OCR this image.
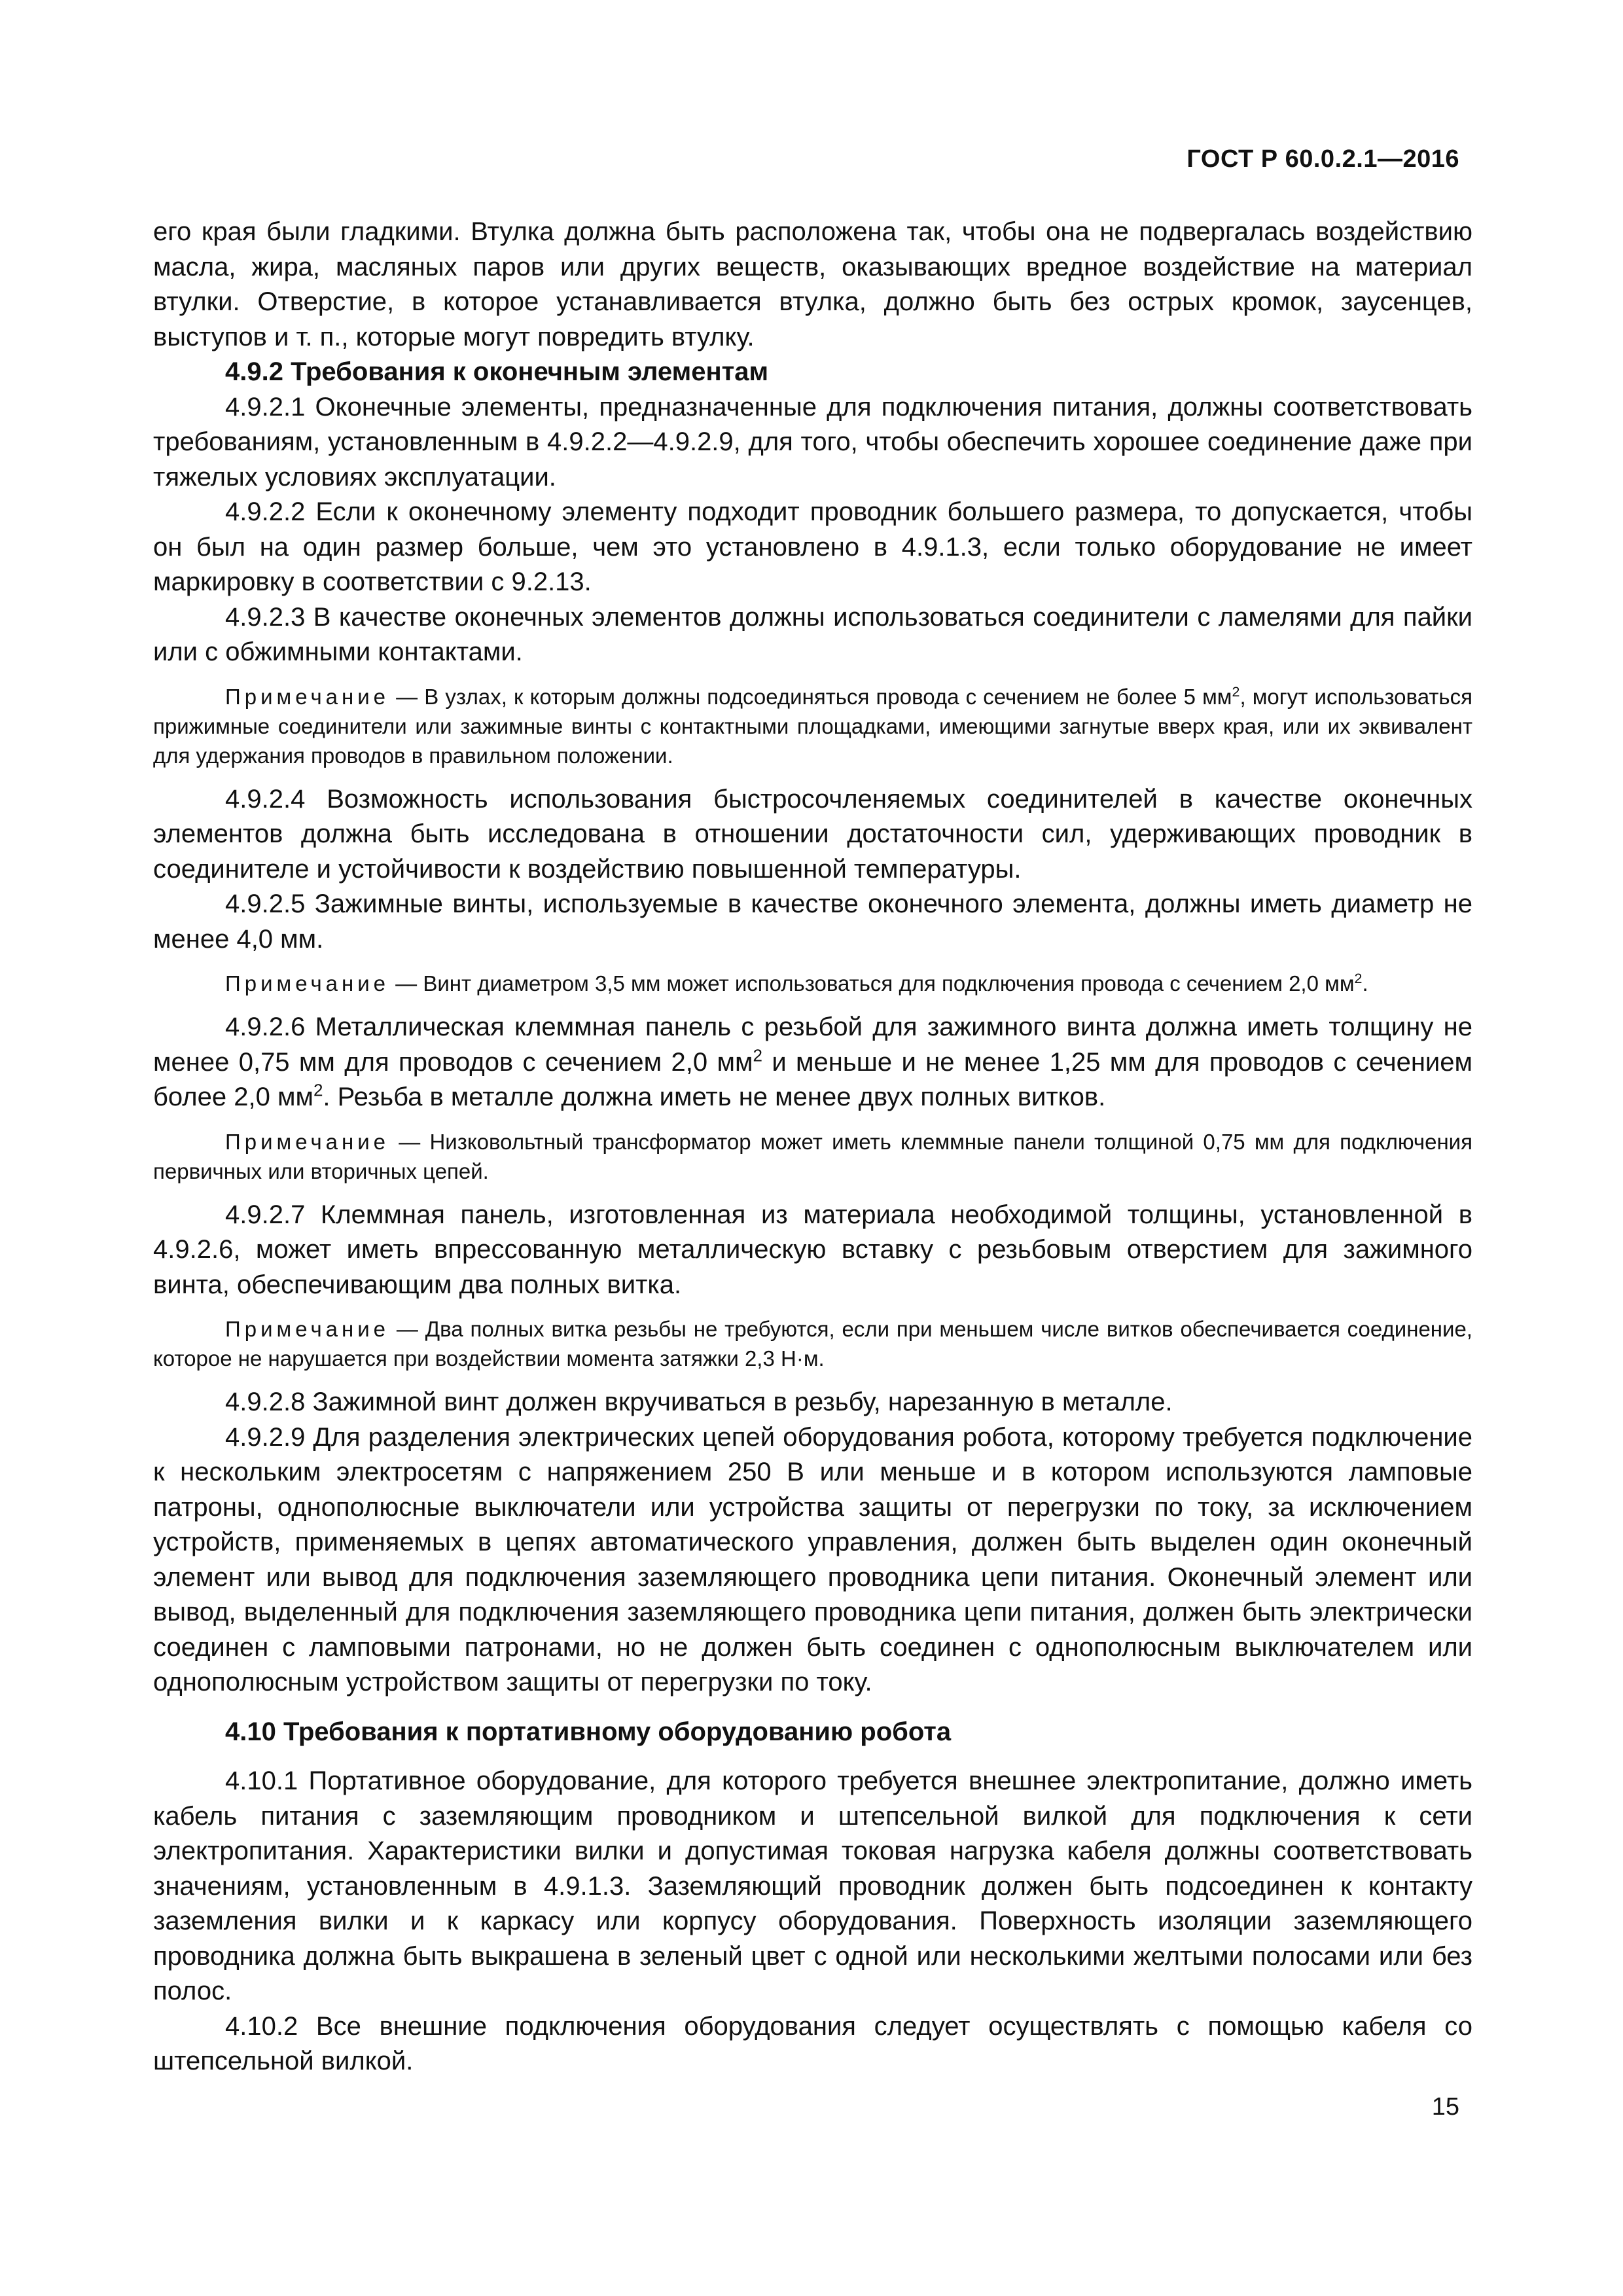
ГОСТ Р 60.0.2.1—2016

его края были гладкими. Втулка должна быть расположена так, чтобы она не подвергалась воздействию масла, жира, масляных паров или других веществ, оказывающих вредное воздействие на материал втулки. Отверстие, в которое устанавливается втулка, должно быть без острых кромок, заусенцев, выступов и т. п., которые могут повредить втулку.

4.9.2 Требования к оконечным элементам

4.9.2.1 Оконечные элементы, предназначенные для подключения питания, должны соответствовать требованиям, установленным в 4.9.2.2—4.9.2.9, для того, чтобы обеспечить хорошее соединение даже при тяжелых условиях эксплуатации.

4.9.2.2 Если к оконечному элементу подходит проводник большего размера, то допускается, чтобы он был на один размер больше, чем это установлено в 4.9.1.3, если только оборудование не имеет маркировку в соответствии с 9.2.13.

4.9.2.3 В качестве оконечных элементов должны использоваться соединители с ламелями для пайки или с обжимными контактами.

Примечание — В узлах, к которым должны подсоединяться провода с сечением не более 5 $мм^2$, могут использоваться прижимные соединители или зажимные винты с контактными площадками, имеющими загнутые вверх края, или их эквивалент для удержания проводов в правильном положении.

4.9.2.4 Возможность использования быстросочленяемых соединителей в качестве оконечных элементов должна быть исследована в отношении достаточности сил, удерживающих проводник в соединителе и устойчивости к воздействию повышенной температуры.

4.9.2.5 Зажимные винты, используемые в качестве оконечного элемента, должны иметь диаметр не менее 4,0 мм.

Примечание — Винт диаметром 3,5 мм может использоваться для подключения провода с сечением 2,0 $мм^2$.

4.9.2.6 Металлическая клеммная панель с резьбой для зажимного винта должна иметь толщину не менее 0,75 мм для проводов с сечением 2,0 $мм^2$ и меньше и не менее 1,25 мм для проводов с сечением более 2,0 $мм^2$. Резьба в металле должна иметь не менее двух полных витков.

Примечание — Низковольтный трансформатор может иметь клеммные панели толщиной 0,75 мм для подключения первичных или вторичных цепей.

4.9.2.7 Клеммная панель, изготовленная из материала необходимой толщины, установленной в 4.9.2.6, может иметь впрессованную металлическую вставку с резьбовым отверстием для зажимного винта, обеспечивающим два полных витка.

Примечание — Два полных витка резьбы не требуются, если при меньшем числе витков обеспечивается соединение, которое не нарушается при воздействии момента затяжки 2,3 Н·м.

4.9.2.8 Зажимной винт должен вкручиваться в резьбу, нарезанную в металле.

4.9.2.9 Для разделения электрических цепей оборудования робота, которому требуется подключение к нескольким электросетям с напряжением 250 В или меньше и в котором используются ламповые патроны, однополюсные выключатели или устройства защиты от перегрузки по току, за исключением устройств, применяемых в цепях автоматического управления, должен быть выделен один оконечный элемент или вывод для подключения заземляющего проводника цепи питания. Оконечный элемент или вывод, выделенный для подключения заземляющего проводника цепи питания, должен быть электрически соединен с ламповыми патронами, но не должен быть соединен с однополюсным выключателем или однополюсным устройством защиты от перегрузки по току.

4.10 Требования к портативному оборудованию робота

4.10.1 Портативное оборудование, для которого требуется внешнее электропитание, должно иметь кабель питания с заземляющим проводником и штепсельной вилкой для подключения к сети электропитания. Характеристики вилки и допустимая токовая нагрузка кабеля должны соответствовать значениям, установленным в 4.9.1.3. Заземляющий проводник должен быть подсоединен к контакту заземления вилки и к каркасу или корпусу оборудования. Поверхность изоляции заземляющего проводника должна быть выкрашена в зеленый цвет с одной или несколькими желтыми полосами или без полос.

4.10.2 Все внешние подключения оборудования следует осуществлять с помощью кабеля со штепсельной вилкой.

15
